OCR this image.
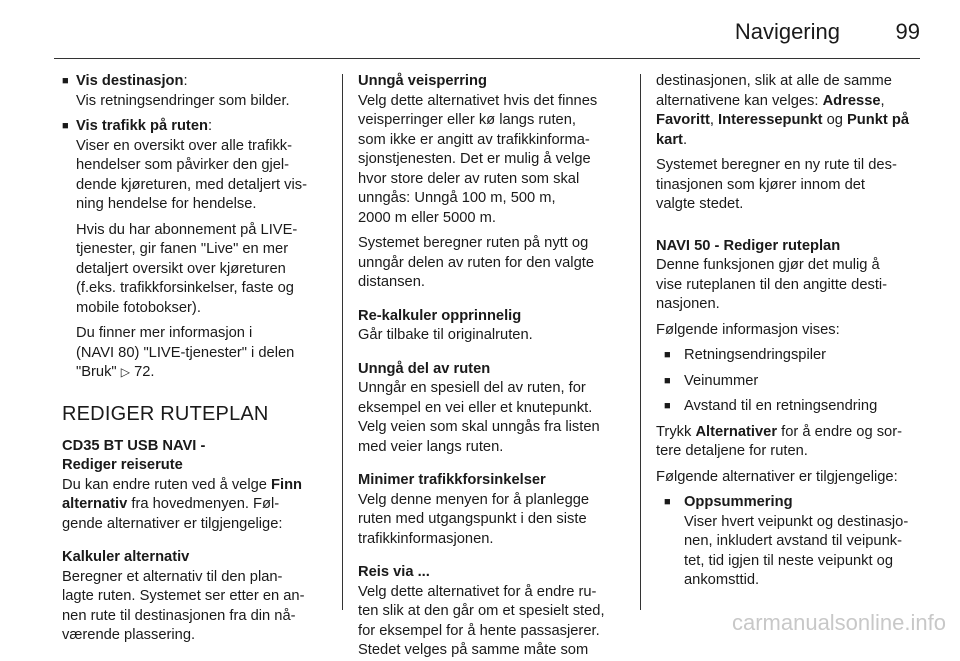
Navigering	99
■ Vis destinasjon:

Vis retningsendringer som bilder.

■ Vis trafikk på ruten:

Viser en oversikt over alle trafikk-

hendelser som påvirker den gjel-

dende kjøreturen, med detaljert vis-

ning hendelse for hendelse.

Hvis du har abonnement på LIVE-

tjenester, gir fanen "Live" en mer

detaljert oversikt over kjøreturen

(f.eks. trafikkforsinkelser, faste og

mobile fotobokser).

Du finner mer informasjon i

(NAVI 80) "LIVE-tjenester" i delen

"Bruk" ▷ 72.

REDIGER RUTEPLAN

CD35 BT USB NAVI -

Rediger reiserute

Du kan endre ruten ved å velge Finn

alternativ fra hovedmenyen. Føl-

gende alternativer er tilgjengelige:

Kalkuler alternativ

Beregner et alternativ til den plan-

lagte ruten. Systemet ser etter en an-

nen rute til destinasjonen fra din nå-

værende plassering.

Unngå veisperring

Velg dette alternativet hvis det finnes

veisperringer eller kø langs ruten,

som ikke er angitt av trafikkinforma-

sjonstjenesten. Det er mulig å velge

hvor store deler av ruten som skal

unngås: Unngå 100 m, 500 m,

2000 m eller 5000 m.

Systemet beregner ruten på nytt og

unngår delen av ruten for den valgte

distansen.

Re-kalkuler opprinnelig

Går tilbake til originalruten.

Unngå del av ruten

Unngår en spesiell del av ruten, for

eksempel en vei eller et knutepunkt.

Velg veien som skal unngås fra listen

med veier langs ruten.

Minimer trafikkforsinkelser

Velg denne menyen for å planlegge

ruten med utgangspunkt i den siste

trafikkinformasjonen.

Reis via ...

Velg dette alternativet for å endre ru-

ten slik at den går om et spesielt sted,

for eksempel for å hente passasjerer.

Stedet velges på samme måte som

destinasjonen, slik at alle de samme

alternativene kan velges: Adresse,

Favoritt, Interessepunkt og Punkt på

kart.

Systemet beregner en ny rute til des-

tinasjonen som kjører innom det

valgte stedet.

NAVI 50 - Rediger ruteplan

Denne funksjonen gjør det mulig å

vise ruteplanen til den angitte desti-

nasjonen.

Følgende informasjon vises:

■ Retningsendringspiler

■ Veinummer

■ Avstand til en retningsendring

Trykk Alternativer for å endre og sor-

tere detaljene for ruten.

Følgende alternativer er tilgjengelige:

■ Oppsummering

Viser hvert veipunkt og destinasjo-

nen, inkludert avstand til veipunk-

tet, tid igjen til neste veipunkt og

ankomsttid.

carmanualsonline.info
